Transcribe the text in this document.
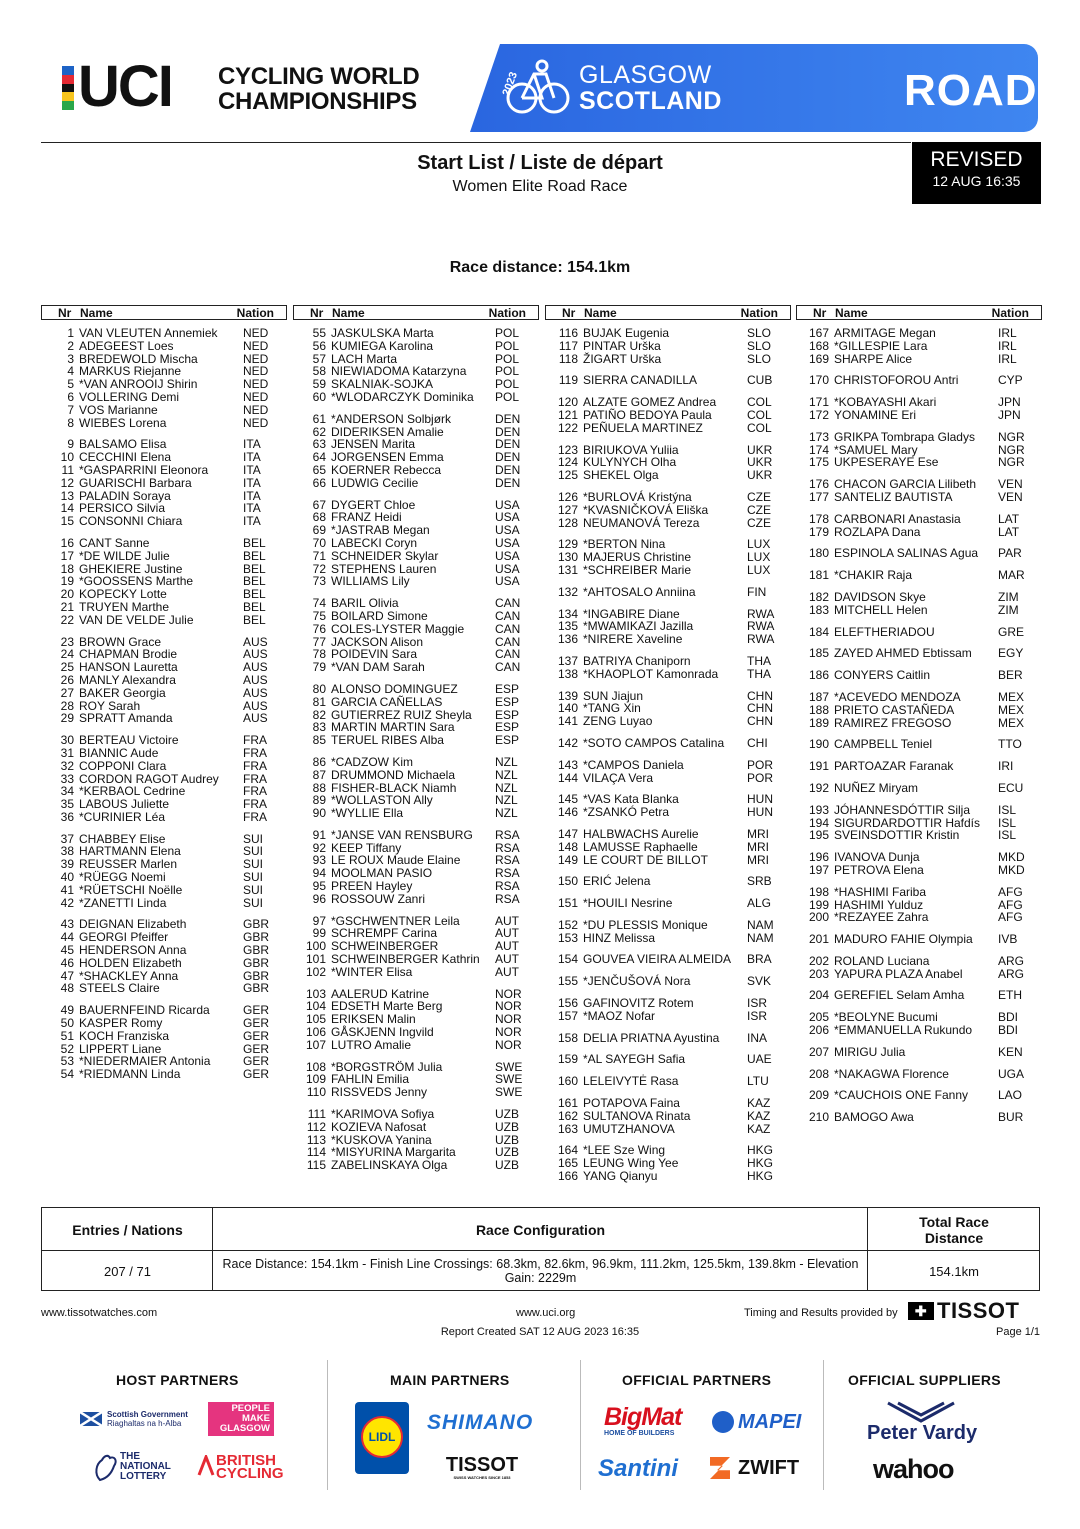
UCI CYCLING WORLD
CHAMPIONSHIPS
2023 GLASGOW
SCOTLAND	ROAD
Start List / Liste de départ
Women Elite Road Race
REVISED
12 AUG 16:35
Race distance: 154.1km
Nr Name	Nation
1 VAN VLEUTEN Annemiek NED
2 ADEGEEST Loes	NED
3 BREDEWOLD Mischa	NED
4 MARKUS Riejanne	NED
5 *VAN ANROOIJ Shirin	NED
6 VOLLERING Demi	NED
7 VOS Marianne	NED
8 WIEBES Lorena	NED
9 BALSAMO Elisa	ITA
10 CECCHINI Elena	ITA
11 *GASPARRINI Eleonora	ITA
12 GUARISCHI Barbara	ITA
13 PALADIN Soraya	ITA
14 PERSICO Silvia	ITA
15 CONSONNI Chiara	ITA
16 CANT Sanne	BEL
17 *DE WILDE Julie	BEL
18 GHEKIERE Justine	BEL
19 *GOOSSENS Marthe	BEL
20 KOPECKY Lotte	BEL
21 TRUYEN Marthe	BEL
22 VAN DE VELDE Julie	BEL
23 BROWN Grace	AUS
24 CHAPMAN Brodie	AUS
25 HANSON Lauretta	AUS
26 MANLY Alexandra	AUS
27 BAKER Georgia	AUS
28 ROY Sarah	AUS
29 SPRATT Amanda	AUS
30 BERTEAU Victoire	FRA
31 BIANNIC Aude	FRA
32 COPPONI Clara	FRA
33 CORDON RAGOT Audrey FRA
34 *KERBAOL Cedrine	FRA
35 LABOUS Juliette	FRA
36 *CURINIER Léa	FRA
37 CHABBEY Elise	SUI
38 HARTMANN Elena	SUI
39 REUSSER Marlen	SUI
40 *RÜEGG Noemi	SUI
41 *RÜETSCHI Noëlle	SUI
42 *ZANETTI Linda	SUI
43 DEIGNAN Elizabeth	GBR
44 GEORGI Pfeiffer	GBR
45 HENDERSON Anna	GBR
46 HOLDEN Elizabeth	GBR
47 *SHACKLEY Anna	GBR
48 STEELS Claire	GBR
49 BAUERNFEIND Ricarda	GER
50 KASPER Romy	GER
51 KOCH Franziska	GER
52 LIPPERT Liane	GER
53 *NIEDERMAIER Antonia	GER
54 *RIEDMANN Linda	GER
Nr Name	Nation
55 JASKULSKA Marta	POL
56 KUMIEGA Karolina	POL
57 LACH Marta	POL
58 NIEWIADOMA Katarzyna POL
59 SKALNIAK-SOJKA	POL
60 *WLODARCZYK Dominika POL
61 *ANDERSON Solbjørk	DEN
62 DIDERIKSEN Amalie	DEN
63 JENSEN Marita	DEN
64 JORGENSEN Emma	DEN
65 KOERNER Rebecca	DEN
66 LUDWIG Cecilie	DEN
67 DYGERT Chloe	USA
68 FRANZ Heidi	USA
69 *JASTRAB Megan	USA
70 LABECKI Coryn	USA
71 SCHNEIDER Skylar	USA
72 STEPHENS Lauren	USA
73 WILLIAMS Lily	USA
74 BARIL Olivia	CAN
75 BOILARD Simone	CAN
76 COLES-LYSTER Maggie	CAN
77 JACKSON Alison	CAN
78 POIDEVIN Sara	CAN
79 *VAN DAM Sarah	CAN
80 ALONSO DOMINGUEZ	ESP
81 GARCIA CAÑELLAS	ESP
82 GUTIERREZ RUIZ Sheyla ESP
83 MARTIN MARTIN Sara	ESP
85 TERUEL RIBES Alba	ESP
86 *CADZOW Kim	NZL
87 DRUMMOND Michaela	NZL
88 FISHER-BLACK Niamh	NZL
89 *WOLLASTON Ally	NZL
90 *WYLLIE Ella	NZL
91 *JANSE VAN RENSBURG RSA
92 KEEP Tiffany	RSA
93 LE ROUX Maude Elaine	RSA
94 MOOLMAN PASIO	RSA
95 PREEN Hayley	RSA
96 ROSSOUW Zanri	RSA
97 *GSCHWENTNER Leila	AUT
99 SCHREMPF Carina	AUT
100 SCHWEINBERGER	AUT
101 SCHWEINBERGER Kathrin AUT
102 *WINTER Elisa	AUT
103 AALERUD Katrine	NOR
104 EDSETH Marte Berg	NOR
105 ERIKSEN Malin	NOR
106 GÅSKJENN Ingvild	NOR
107 LUTRO Amalie	NOR
108 *BORGSTRÖM Julia	SWE
109 FAHLIN Emilia	SWE
110 RISSVEDS Jenny	SWE
111 *KARIMOVA Sofiya	UZB
112 KOZIEVA Nafosat	UZB
113 *KUSKOVA Yanina	UZB
114 *MISYURINA Margarita	UZB
115 ZABELINSKAYA Olga	UZB
Nr Name	Nation
116 BUJAK Eugenia	SLO
117 PINTAR Urška	SLO
118 ŽIGART Urška	SLO
119 SIERRA CANADILLA	CUB
120 ALZATE GOMEZ Andrea	COL
121 PATIÑO BEDOYA Paula	COL
122 PEÑUELA MARTINEZ	COL
123 BIRIUKOVA Yuliia	UKR
124 KULYNYCH Olha	UKR
125 SHEKEL Olga	UKR
126 *BURLOVÁ Kristýna	CZE
127 *KVASNIČKOVÁ Eliška	CZE
128 NEUMANOVÁ Tereza	CZE
129 *BERTON Nina	LUX
130 MAJERUS Christine	LUX
131 *SCHREIBER Marie	LUX
132 *AHTOSALO Anniina	FIN
134 *INGABIRE Diane	RWA
135 *MWAMIKAZI Jazilla	RWA
136 *NIRERE Xaveline	RWA
137 BATRIYA Chaniporn	THA
138 *KHAOPLOT Kamonrada THA
139 SUN Jiajun	CHN
140 *TANG Xin	CHN
141 ZENG Luyao	CHN
142 *SOTO CAMPOS Catalina CHI
143 *CAMPOS Daniela	POR
144 VILAÇA Vera	POR
145 *VAS Kata Blanka	HUN
146 *ZSANKÓ Petra	HUN
147 HALBWACHS Aurelie	MRI
148 LAMUSSE Raphaelle	MRI
149 LE COURT DE BILLOT	MRI
150 ERIĆ Jelena	SRB
151 *HOUILI Nesrine	ALG
152 *DU PLESSIS Monique	NAM
153 HINZ Melissa	NAM
154 GOUVEA VIEIRA ALMEIDA BRA
155 *JENČUŠOVÁ Nora	SVK
156 GAFINOVITZ Rotem	ISR
157 *MAOZ Nofar	ISR
158 DELIA PRIATNA Ayustina INA
159 *AL SAYEGH Safia	UAE
160 LELEIVYTĖ Rasa	LTU
161 POTAPOVA Faina	KAZ
162 SULTANOVA Rinata	KAZ
163 UMUTZHANOVA	KAZ
164 *LEE Sze Wing	HKG
165 LEUNG Wing Yee	HKG
166 YANG Qianyu	HKG
Nr Name	Nation
167 ARMITAGE Megan	IRL
168 *GILLESPIE Lara	IRL
169 SHARPE Alice	IRL
170 CHRISTOFOROU Antri	CYP
171 *KOBAYASHI Akari	JPN
172 YONAMINE Eri	JPN
173 GRIKPA Tombrapa Gladys NGR
174 *SAMUEL Mary	NGR
175 UKPESERAYE Ese	NGR
176 CHACON GARCIA Lilibeth VEN
177 SANTELIZ BAUTISTA	VEN
178 CARBONARI Anastasia	LAT
179 ROZLAPA Dana	LAT
180 ESPINOLA SALINAS Agua PAR
181 *CHAKIR Raja	MAR
182 DAVIDSON Skye	ZIM
183 MITCHELL Helen	ZIM
184 ELEFTHERIADOU	GRE
185 ZAYED AHMED Ebtissam EGY
186 CONYERS Caitlin	BER
187 *ACEVEDO MENDOZA	MEX
188 PRIETO CASTAÑEDA	MEX
189 RAMIREZ FREGOSO	MEX
190 CAMPBELL Teniel	TTO
191 PARTOAZAR Faranak	IRI
192 NUÑEZ Miryam	ECU
193 JÓHANNESDÓTTIR Silja ISL
194 SIGURDARDOTTIR Hafdís ISL
195 SVEINSDOTTIR Kristin	ISL
196 IVANOVA Dunja	MKD
197 PETROVA Elena	MKD
198 *HASHIMI Fariba	AFG
199 HASHIMI Yulduz	AFG
200 *REZAYEE Zahra	AFG
201 MADURO FAHIE Olympia IVB
202 ROLAND Luciana	ARG
203 YAPURA PLAZA Anabel	ARG
204 GEREFIEL Selam Amha	ETH
205 *BEOLYNE Bucumi	BDI
206 *EMMANUELLA Rukundo BDI
207 MIRIGU Julia	KEN
208 *NAKAGWA Florence	UGA
209 *CAUCHOIS ONE Fanny LAO
210 BAMOGO Awa	BUR
Entries / Nations	Race Configuration	Total Race
Distance
207 / 71	Race Distance: 154.1km - Finish Line Crossings: 68.3km, 82.6km, 96.9km, 111.2km, 125.5km, 139.8km - Elevation Gain: 2229m	154.1km
www.tissotwatches.com	www.uci.org	Timing and Results provided by	✚ TISSOT
Report Created SAT 12 AUG 2023 16:35	Page 1/1
HOST PARTNERS	MAIN PARTNERS	OFFICIAL PARTNERS	OFFICIAL SUPPLIERS
Scottish Government
Riaghaltas na h-Alba
PEOPLE MAKE GLASGOW
THE
NATIONAL
LOTTERY
BRITISH
CYCLING
LIDL
SHIMANO
TISSOT
SWISS WATCHES SINCE 1853
BigMat
HOME OF BUILDERS
MAPEI
Santini	ZWIFT
Peter Vardy
wahoo
